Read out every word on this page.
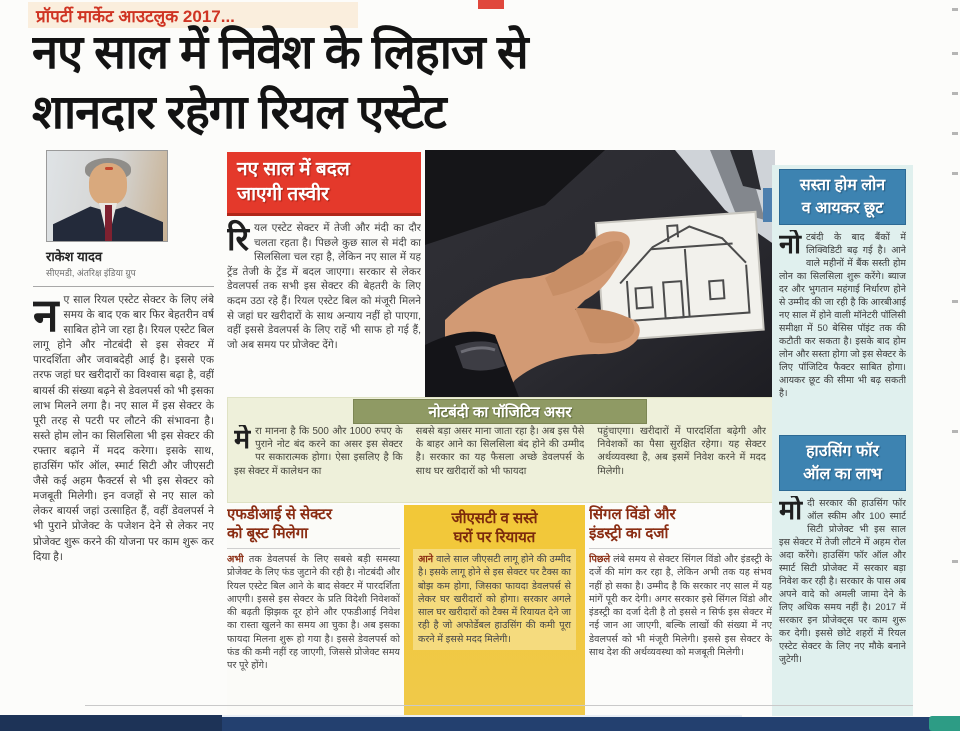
प्रॉपर्टी मार्केट आउटलुक 2017...
नए साल में निवेश के लिहाज से
शानदार रहेगा रियल एस्टेट
राकेश यादव
सीएमडी, अंतरिक्ष इंडिया ग्रुप
नए साल रियल एस्टेट सेक्टर के लिए लंबे समय के बाद एक बार फिर बेहतरीन वर्ष साबित होने जा रहा है। रियल एस्टेट बिल लागू होने और नोटबंदी से इस सेक्टर में पारदर्शिता और जवाबदेही आई है। इससे एक तरफ जहां घर खरीदारों का विश्वास बढ़ा है, वहीं बायर्स की संख्या बढ़ने से डेवलपर्स को भी इसका लाभ मिलने लगा है। नए साल में इस सेक्टर के पूरी तरह से पटरी पर लौटने की संभावना है। सस्ते होम लोन का सिलसिला भी इस सेक्टर की रफ्तार बढ़ाने में मदद करेगा। इसके साथ, हाउसिंग फॉर ऑल, स्मार्ट सिटी और जीएसटी जैसे कई अहम फैक्टर्स से भी इस सेक्टर को मजबूती मिलेगी। इन वजहों से नए साल को लेकर बायर्स जहां उत्साहित हैं, वहीं डेवलपर्स ने भी पुराने प्रोजेक्ट के पजेशन देने से लेकर नए प्रोजेक्ट शुरू करने की योजना पर काम शुरू कर दिया है।
नए साल में बदल
जाएगी तस्वीर
रियल एस्टेट सेक्टर में तेजी और मंदी का दौर चलता रहता है। पिछले कुछ साल से मंदी का सिलसिला चल रहा है, लेकिन नए साल में यह ट्रेंड तेजी के ट्रेंड में बदल जाएगा। सरकार से लेकर डेवलपर्स तक सभी इस सेक्टर की बेहतरी के लिए कदम उठा रहे हैं। रियल एस्टेट बिल को मंजूरी मिलने से जहां घर खरीदारों के साथ अन्याय नहीं हो पाएगा, वहीं इससे डेवलपर्स के लिए राहें भी साफ हो गई हैं, जो अब समय पर प्रोजेक्ट देंगे।
मेरा मानना है कि 500 और 1000 रुपए के पुराने नोट बंद करने का असर इस सेक्टर पर सकारात्मक होगा। ऐसा इसलिए है कि इस सेक्टर में कालेधन का
सबसे बड़ा असर माना जाता रहा है। अब इस पैसे के बाहर आने का सिलसिला बंद होने की उम्मीद है। सरकार का यह फैसला अच्छे डेवलपर्स के साथ घर खरीदारों को भी फायदा
पहुंचाएगा। खरीदारों में पारदर्शिता बढ़ेगी और निवेशकों का पैसा सुरक्षित रहेगा। यह सेक्टर अर्थव्यवस्था है, अब इसमें निवेश करने में मदद मिलेगी।
नोटबंदी का पॉजिटिव असर
एफडीआई से सेक्टर
को बूस्ट मिलेगा
अभी तक डेवलपर्स के लिए सबसे बड़ी समस्या प्रोजेक्ट के लिए फंड जुटाने की रही है। नोटबंदी और रियल एस्टेट बिल आने के बाद सेक्टर में पारदर्शिता आएगी। इससे इस सेक्टर के प्रति विदेशी निवेशकों की बढ़ती झिझक दूर होने और एफडीआई निवेश का रास्ता खुलने का समय आ चुका है। अब इसका फायदा मिलना शुरू हो गया है। इससे डेवलपर्स को फंड की कमी नहीं रह जाएगी, जिससे प्रोजेक्ट समय पर पूरे होंगे।
जीएसटी व सस्ते
घरों पर रियायत
आने वाले साल जीएसटी लागू होने की उम्मीद है। इसके लागू होने से इस सेक्टर पर टैक्स का बोझ कम होगा, जिसका फायदा डेवलपर्स से लेकर घर खरीदारों को होगा। सरकार अगले साल घर खरीदारों को टैक्स में रियायत देने जा रही है जो अफोर्डेबल हाउसिंग की कमी पूरा करने में इससे मदद मिलेगी।
सिंगल विंडो और
इंडस्ट्री का दर्जा
पिछले लंबे समय से सेक्टर सिंगल विंडो और इंडस्ट्री के दर्जे की मांग कर रहा है, लेकिन अभी तक यह संभव नहीं हो सका है। उम्मीद है कि सरकार नए साल में यह मांगें पूरी कर देगी। अगर सरकार इसे सिंगल विंडो और इंडस्ट्री का दर्जा देती है तो इससे न सिर्फ इस सेक्टर में नई जान आ जाएगी, बल्कि लाखों की संख्या में नए डेवलपर्स को भी मंजूरी मिलेगी। इससे इस सेक्टर के साथ देश की अर्थव्यवस्था को मजबूती मिलेगी।
सस्ता होम लोन
व आयकर छूट
नोटबंदी के बाद बैंकों में लिक्विडिटी बढ़ गई है। आने वाले महीनों में बैंक सस्ती होम लोन का सिलसिला शुरू करेंगे। ब्याज दर और भुगतान महंगाई निर्धारण होने से उम्मीद की जा रही है कि आरबीआई नए साल में होने वाली मॉनेटरी पॉलिसी समीक्षा में 50 बेसिस पॉइंट तक की कटौती कर सकता है। इसके बाद होम लोन और सस्ता होगा जो इस सेक्टर के लिए पॉजिटिव फैक्टर साबित होगा। आयकर छूट की सीमा भी बढ़ सकती है।
हाउसिंग फॉर
ऑल का लाभ
मोदी सरकार की हाउसिंग फॉर ऑल स्कीम और 100 स्मार्ट सिटी प्रोजेक्ट भी इस साल इस सेक्टर में तेजी लौटने में अहम रोल अदा करेंगे। हाउसिंग फॉर ऑल और स्मार्ट सिटी प्रोजेक्ट में सरकार बड़ा निवेश कर रही है। सरकार के पास अब अपने वादे को अमली जामा देने के लिए अधिक समय नहीं है। 2017 में सरकार इन प्रोजेक्ट्स पर काम शुरू कर देगी। इससे छोटे शहरों में रियल एस्टेट सेक्टर के लिए नए मौके बनाने जुटेगी।
